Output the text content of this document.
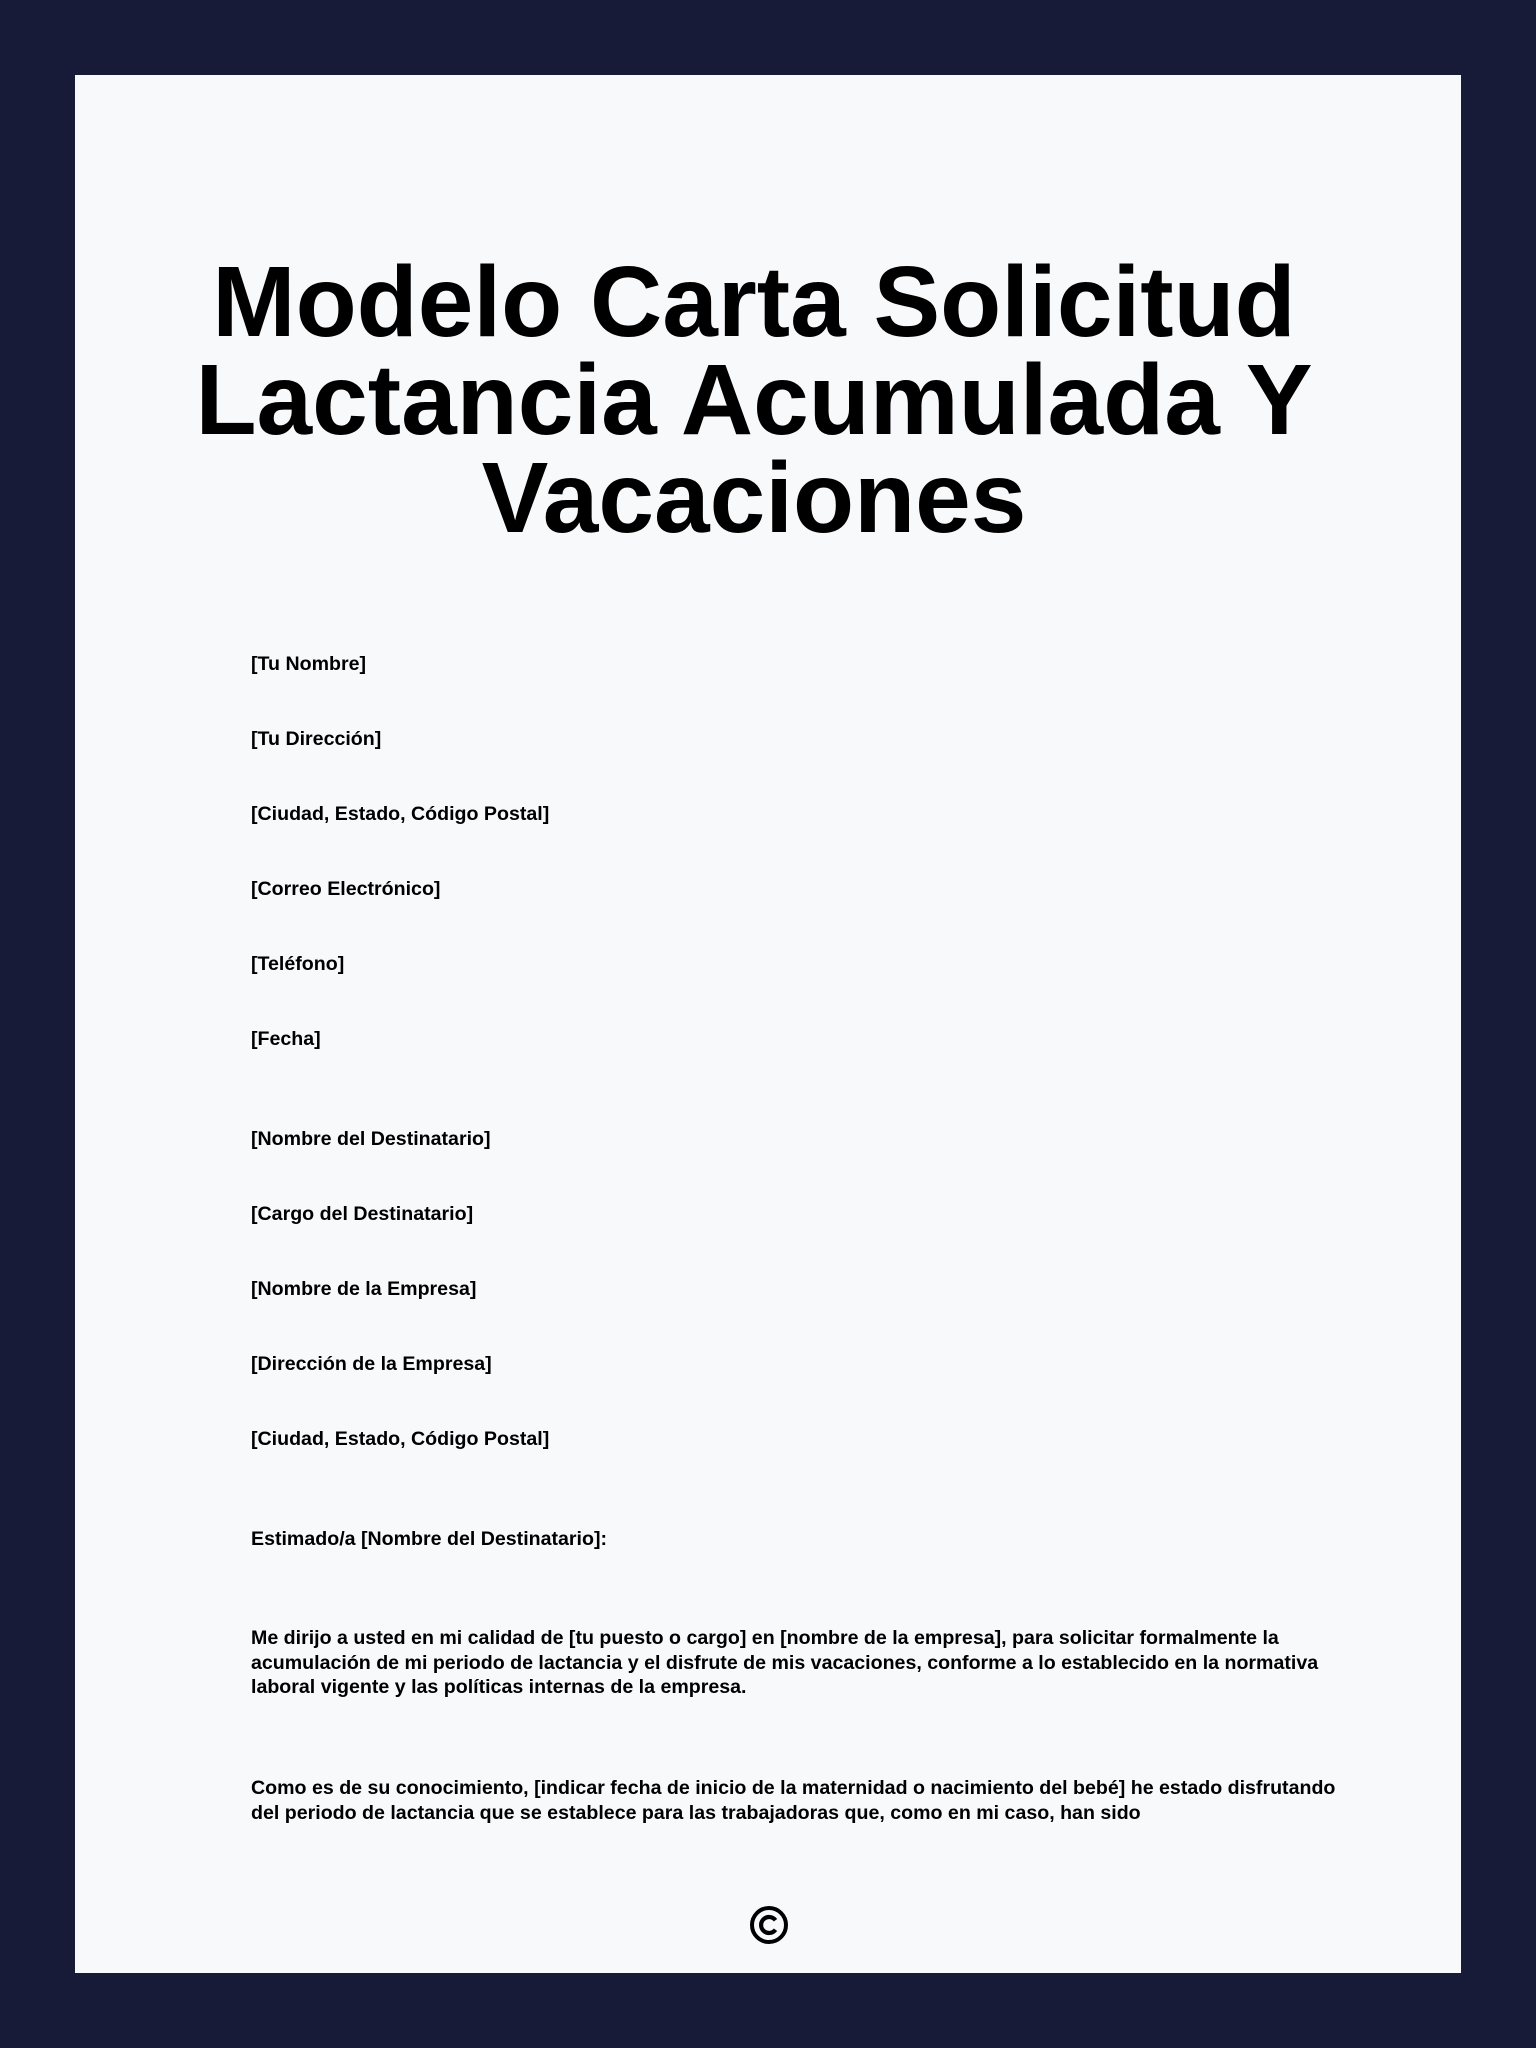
Modelo Carta Solicitud Lactancia Acumulada Y Vacaciones

[Tu Nombre]

[Tu Dirección]

[Ciudad, Estado, Código Postal]

[Correo Electrónico]

[Teléfono]

[Fecha]

[Nombre del Destinatario]

[Cargo del Destinatario]

[Nombre de la Empresa]

[Dirección de la Empresa]

[Ciudad, Estado, Código Postal]

Estimado/a [Nombre del Destinatario]:

Me dirijo a usted en mi calidad de [tu puesto o cargo] en [nombre de la empresa], para solicitar formalmente la acumulación de mi periodo de lactancia y el disfrute de mis vacaciones, conforme a lo establecido en la normativa laboral vigente y las políticas internas de la empresa.

Como es de su conocimiento, [indicar fecha de inicio de la maternidad o nacimiento del bebé] he estado disfrutando del periodo de lactancia que se establece para las trabajadoras que, como en mi caso, han sido
